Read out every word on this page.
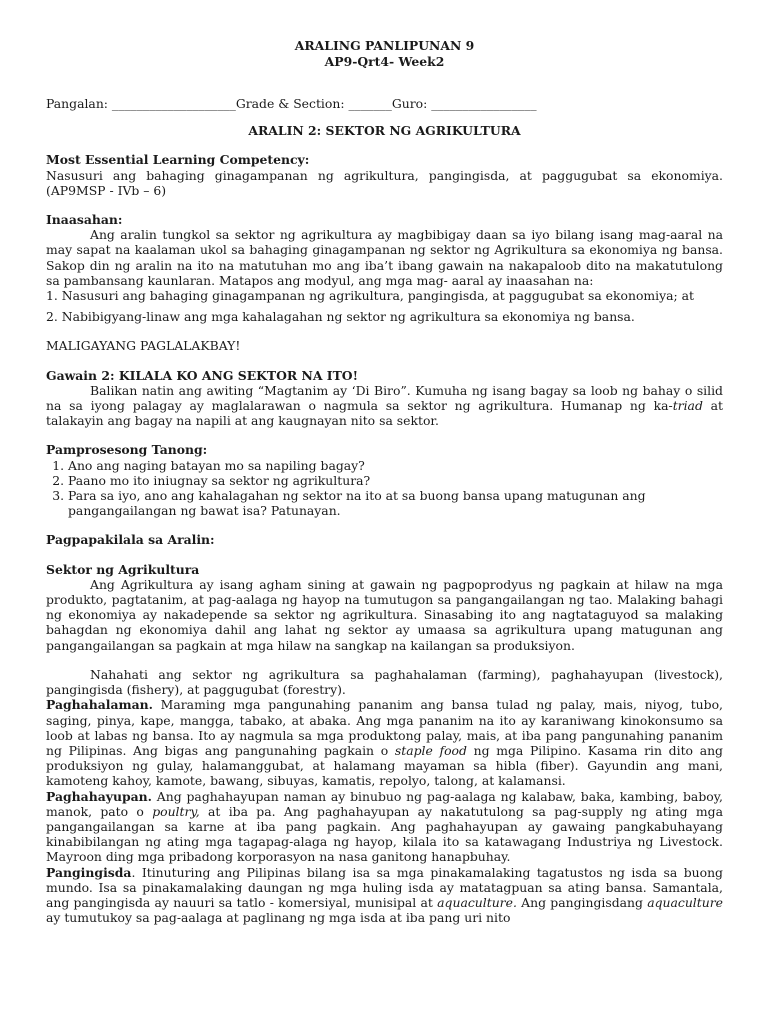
ARALING PANLIPUNAN 9
AP9-Qrt4- Week2
Pangalan: ____________________Grade & Section: _______Guro: _________________
ARALIN 2: SEKTOR NG AGRIKULTURA
Most Essential Learning Competency:
Nasusuri ang bahaging ginagampanan ng agrikultura, pangingisda, at paggugubat sa ekonomiya. (AP9MSP - IVb – 6)
Inaasahan:

Ang aralin tungkol sa sektor ng agrikultura ay magbibigay daan sa iyo bilang isang mag-aaral na may sapat na kaalaman ukol sa bahaging ginagampanan ng sektor ng Agrikultura sa ekonomiya ng bansa. Sakop din ng aralin na ito na matutuhan mo ang iba’t ibang gawain na nakapaloob dito na makatutulong sa pambansang kaunlaran. Matapos ang modyul, ang mga mag- aaral ay inaasahan na:

1. Nasusuri ang bahaging ginagampanan ng agrikultura, pangingisda, at paggugubat sa ekonomiya; at

2. Nabibigyang-linaw ang mga kahalagahan ng sektor ng agrikultura sa ekonomiya ng bansa.

MALIGAYANG PAGLALAKBAY!
Gawain 2: KILALA KO ANG SEKTOR NA ITO!

Balikan natin ang awiting “Magtanim ay ‘Di Biro”. Kumuha ng isang bagay sa loob ng bahay o silid na sa iyong palagay ay maglalarawan o nagmula sa sektor ng agrikultura. Humanap ng ka-triad at talakayin ang bagay na napili at ang kaugnayan nito sa sektor.

Pamprosesong Tanong:
1. Ano ang naging batayan mo sa napiling bagay?
2. Paano mo ito iniugnay sa sektor ng agrikultura?
3. Para sa iyo, ano ang kahalagahan ng sektor na ito at sa buong bansa upang matugunan ang pangangailangan ng bawat isa? Patunayan.
Pagpapakilala sa Aralin:
Sektor ng Agrikultura

Ang Agrikultura ay isang agham sining at gawain ng pagpoprodyus ng pagkain at hilaw na mga produkto, pagtatanim, at pag-aalaga ng hayop na tumutugon sa pangangailangan ng tao. Malaking bahagi ng ekonomiya ay nakadepende sa sektor ng agrikultura. Sinasabing ito ang nagtataguyod sa malaking bahagdan ng ekonomiya dahil ang lahat ng sektor ay umaasa sa agrikultura upang matugunan ang pangangailangan sa pagkain at mga hilaw na sangkap na kailangan sa produksiyon.

Nahahati ang sektor ng agrikultura sa paghahalaman (farming), paghahayupan (livestock), pangingisda (fishery), at paggugubat (forestry).

Paghahalaman. Maraming mga pangunahing pananim ang bansa tulad ng palay, mais, niyog, tubo, saging, pinya, kape, mangga, tabako, at abaka. Ang mga pananim na ito ay karaniwang kinokonsumo sa loob at labas ng bansa. Ito ay nagmula sa mga produktong palay, mais, at iba pang pangunahing pananim ng Pilipinas. Ang bigas ang pangunahing pagkain o staple food ng mga Pilipino. Kasama rin dito ang produksiyon ng gulay, halamanggubat, at halamang mayaman sa hibla (fiber). Gayundin ang mani, kamoteng kahoy, kamote, bawang, sibuyas, kamatis, repolyo, talong, at kalamansi.

Paghahayupan. Ang paghahayupan naman ay binubuo ng pag-aalaga ng kalabaw, baka, kambing, baboy, manok, pato o poultry, at iba pa. Ang paghahayupan ay nakatutulong sa pag-supply ng ating mga pangangailangan sa karne at iba pang pagkain. Ang paghahayupan ay gawaing pangkabuhayang kinabibilangan ng ating mga tagapag-alaga ng hayop, kilala ito sa katawagang Industriya ng Livestock. Mayroon ding mga pribadong korporasyon na nasa ganitong hanapbuhay.

Pangingisda. Itinuturing ang Pilipinas bilang isa sa mga pinakamalaking tagatustos ng isda sa buong mundo. Isa sa pinakamalaking daungan ng mga huling isda ay matatagpuan sa ating bansa. Samantala, ang pangingisda ay nauuri sa tatlo - komersiyal, munisipal at aquaculture. Ang pangingisdang aquaculture ay tumutukoy sa pag-aalaga at paglinang ng mga isda at iba pang uri nito
